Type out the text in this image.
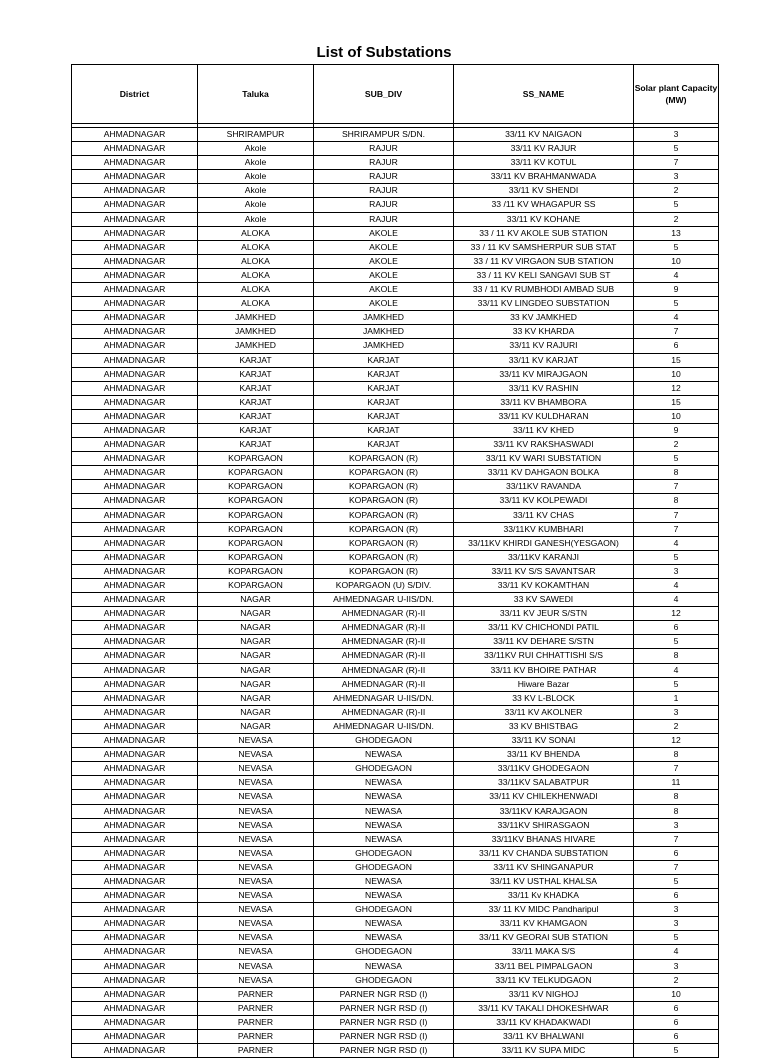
List of Substations
District	Taluka	SUB_DIV	SS_NAME	Solar plant Capacity (MW)

AHMADNAGAR	SHRIRAMPUR	SHRIRAMPUR S/DN.	33/11 KV NAIGAON	3
AHMADNAGAR	Akole	RAJUR	33/11 KV RAJUR	5
AHMADNAGAR	Akole	RAJUR	33/11 KV KOTUL	7
AHMADNAGAR	Akole	RAJUR	33/11 KV BRAHMANWADA	3
AHMADNAGAR	Akole	RAJUR	33/11 KV SHENDI	2
AHMADNAGAR	Akole	RAJUR	33 /11 KV WHAGAPUR SS	5
AHMADNAGAR	Akole	RAJUR	33/11 KV KOHANE	2
AHMADNAGAR	ALOKA	AKOLE	33 / 11 KV AKOLE SUB STATION	13
AHMADNAGAR	ALOKA	AKOLE	33 / 11 KV SAMSHERPUR SUB STAT	5
AHMADNAGAR	ALOKA	AKOLE	33 / 11 KV VIRGAON SUB STATION	10
AHMADNAGAR	ALOKA	AKOLE	33 / 11 KV KELI SANGAVI SUB ST	4
AHMADNAGAR	ALOKA	AKOLE	33 / 11 KV RUMBHODI AMBAD SUB	9
AHMADNAGAR	ALOKA	AKOLE	33/11 KV LINGDEO SUBSTATION	5
AHMADNAGAR	JAMKHED	JAMKHED	33 KV JAMKHED	4
AHMADNAGAR	JAMKHED	JAMKHED	33 KV KHARDA	7
AHMADNAGAR	JAMKHED	JAMKHED	33/11 KV RAJURI	6
AHMADNAGAR	KARJAT	KARJAT	33/11 KV KARJAT	15
AHMADNAGAR	KARJAT	KARJAT	33/11 KV MIRAJGAON	10
AHMADNAGAR	KARJAT	KARJAT	33/11 KV RASHIN	12
AHMADNAGAR	KARJAT	KARJAT	33/11 KV BHAMBORA	15
AHMADNAGAR	KARJAT	KARJAT	33/11 KV KULDHARAN	10
AHMADNAGAR	KARJAT	KARJAT	33/11 KV KHED	9
AHMADNAGAR	KARJAT	KARJAT	33/11 KV RAKSHASWADI	2
AHMADNAGAR	KOPARGAON	KOPARGAON (R)	33/11 KV WARI SUBSTATION	5
AHMADNAGAR	KOPARGAON	KOPARGAON (R)	33/11 KV DAHGAON BOLKA	8
AHMADNAGAR	KOPARGAON	KOPARGAON (R)	33/11KV RAVANDA	7
AHMADNAGAR	KOPARGAON	KOPARGAON (R)	33/11 KV KOLPEWADI	8
AHMADNAGAR	KOPARGAON	KOPARGAON (R)	33/11 KV CHAS	7
AHMADNAGAR	KOPARGAON	KOPARGAON (R)	33/11KV KUMBHARI	7
AHMADNAGAR	KOPARGAON	KOPARGAON (R)	33/11KV KHIRDI GANESH(YESGAON)	4
AHMADNAGAR	KOPARGAON	KOPARGAON (R)	33/11KV KARANJI	5
AHMADNAGAR	KOPARGAON	KOPARGAON (R)	33/11 KV S/S SAVANTSAR	3
AHMADNAGAR	KOPARGAON	KOPARGAON (U) S/DIV.	33/11 KV KOKAMTHAN	4
AHMADNAGAR	NAGAR	AHMEDNAGAR U-IIS/DN.	33 KV SAWEDI	4
AHMADNAGAR	NAGAR	AHMEDNAGAR (R)-II	33/11 KV JEUR S/STN	12
AHMADNAGAR	NAGAR	AHMEDNAGAR (R)-II	33/11 KV CHICHONDI PATIL	6
AHMADNAGAR	NAGAR	AHMEDNAGAR (R)-II	33/11 KV DEHARE S/STN	5
AHMADNAGAR	NAGAR	AHMEDNAGAR (R)-II	33/11KV RUI CHHATTISHI S/S	8
AHMADNAGAR	NAGAR	AHMEDNAGAR (R)-II	33/11 KV BHOIRE PATHAR	4
AHMADNAGAR	NAGAR	AHMEDNAGAR (R)-II	Hiware Bazar	5
AHMADNAGAR	NAGAR	AHMEDNAGAR U-IIS/DN.	33 KV L-BLOCK	1
AHMADNAGAR	NAGAR	AHMEDNAGAR (R)-II	33/11 KV AKOLNER	3
AHMADNAGAR	NAGAR	AHMEDNAGAR U-IIS/DN.	33 KV BHISTBAG	2
AHMADNAGAR	NEVASA	GHODEGAON	33/11 KV SONAI	12
AHMADNAGAR	NEVASA	NEWASA	33/11 KV BHENDA	8
AHMADNAGAR	NEVASA	GHODEGAON	33/11KV GHODEGAON	7
AHMADNAGAR	NEVASA	NEWASA	33/11KV SALABATPUR	11
AHMADNAGAR	NEVASA	NEWASA	33/11 KV CHILEKHENWADI	8
AHMADNAGAR	NEVASA	NEWASA	33/11KV KARAJGAON	8
AHMADNAGAR	NEVASA	NEWASA	33/11KV SHIRASGAON	3
AHMADNAGAR	NEVASA	NEWASA	33/11KV BHANAS HIVARE	7
AHMADNAGAR	NEVASA	GHODEGAON	33/11 KV CHANDA SUBSTATION	6
AHMADNAGAR	NEVASA	GHODEGAON	33/11 KV SHINGANAPUR	7
AHMADNAGAR	NEVASA	NEWASA	33/11 KV USTHAL KHALSA	5
AHMADNAGAR	NEVASA	NEWASA	33/11 Kv KHADKA	6
AHMADNAGAR	NEVASA	GHODEGAON	33/ 11 KV MIDC Pandharipul	3
AHMADNAGAR	NEVASA	NEWASA	33/11 KV KHAMGAON	3
AHMADNAGAR	NEVASA	NEWASA	33/11 KV GEORAI SUB STATION	5
AHMADNAGAR	NEVASA	GHODEGAON	33/11 MAKA S/S	4
AHMADNAGAR	NEVASA	NEWASA	33/11 BEL PIMPALGAON	3
AHMADNAGAR	NEVASA	GHODEGAON	33/11 KV TELKUDGAON	2
AHMADNAGAR	PARNER	PARNER NGR RSD (I)	33/11 KV NIGHOJ	10
AHMADNAGAR	PARNER	PARNER NGR RSD (I)	33/11 KV TAKALI DHOKESHWAR	6
AHMADNAGAR	PARNER	PARNER NGR RSD (I)	33/11 KV KHADAKWADI	6
AHMADNAGAR	PARNER	PARNER NGR RSD (I)	33/11 KV BHALWANI	6
AHMADNAGAR	PARNER	PARNER NGR RSD (I)	33/11 KV SUPA MIDC	5
